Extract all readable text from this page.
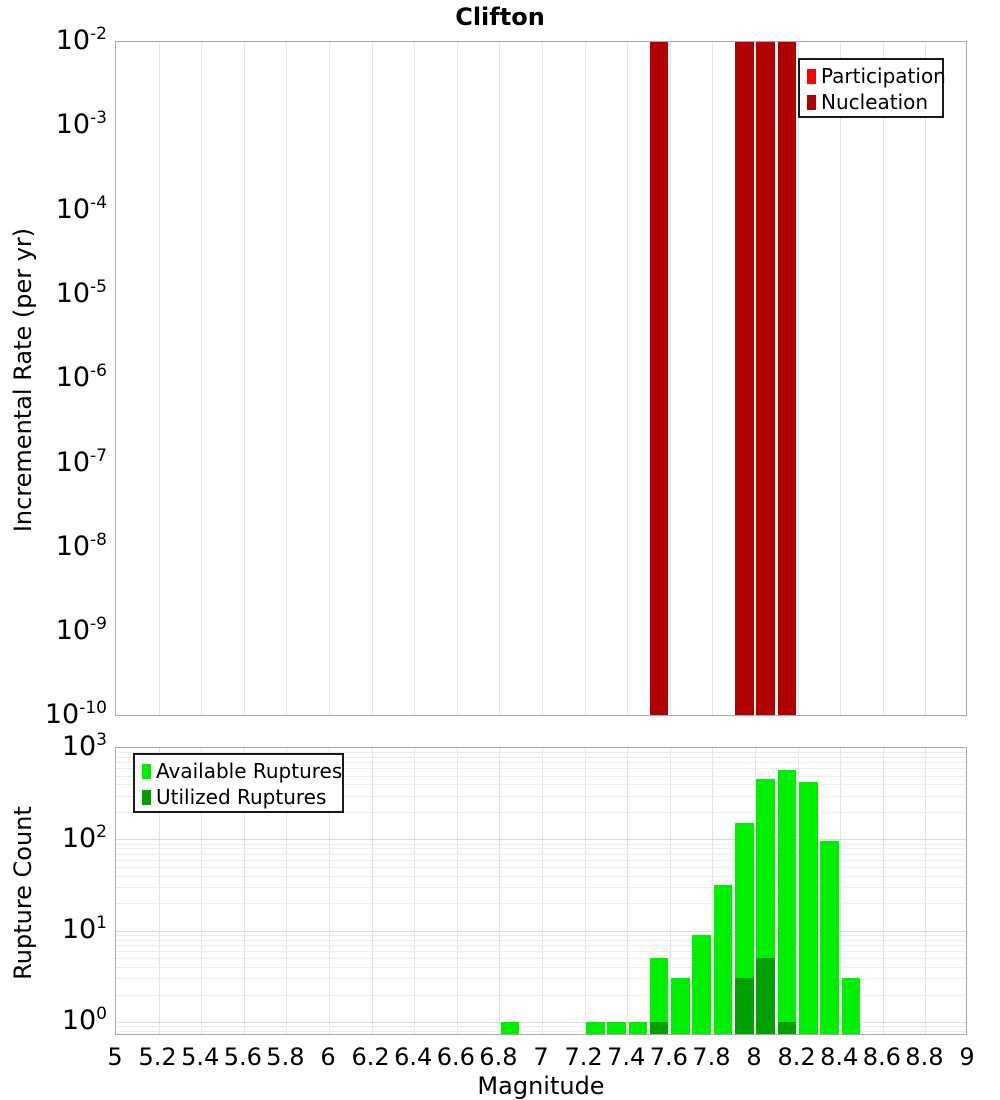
Clifton
Incremental Rate (per yr)
Rupture Count
Participation
Nucleation
Available Ruptures
Utilized Ruptures
Magnitude
$10^{-2}$
$10^{-3}$
$10^{-4}$
$10^{-5}$
$10^{-6}$
$10^{-7}$
$10^{-8}$
$10^{-9}$
$10^{-10}$
$10^3$
$10^2$
$10^1$
$10^0$
5 5.2 5.4 5.6 5.8 6 6.2 6.4 6.6 6.8 7 7.2 7.4 7.6 7.8 8 8.2 8.4 8.6 8.8 9
